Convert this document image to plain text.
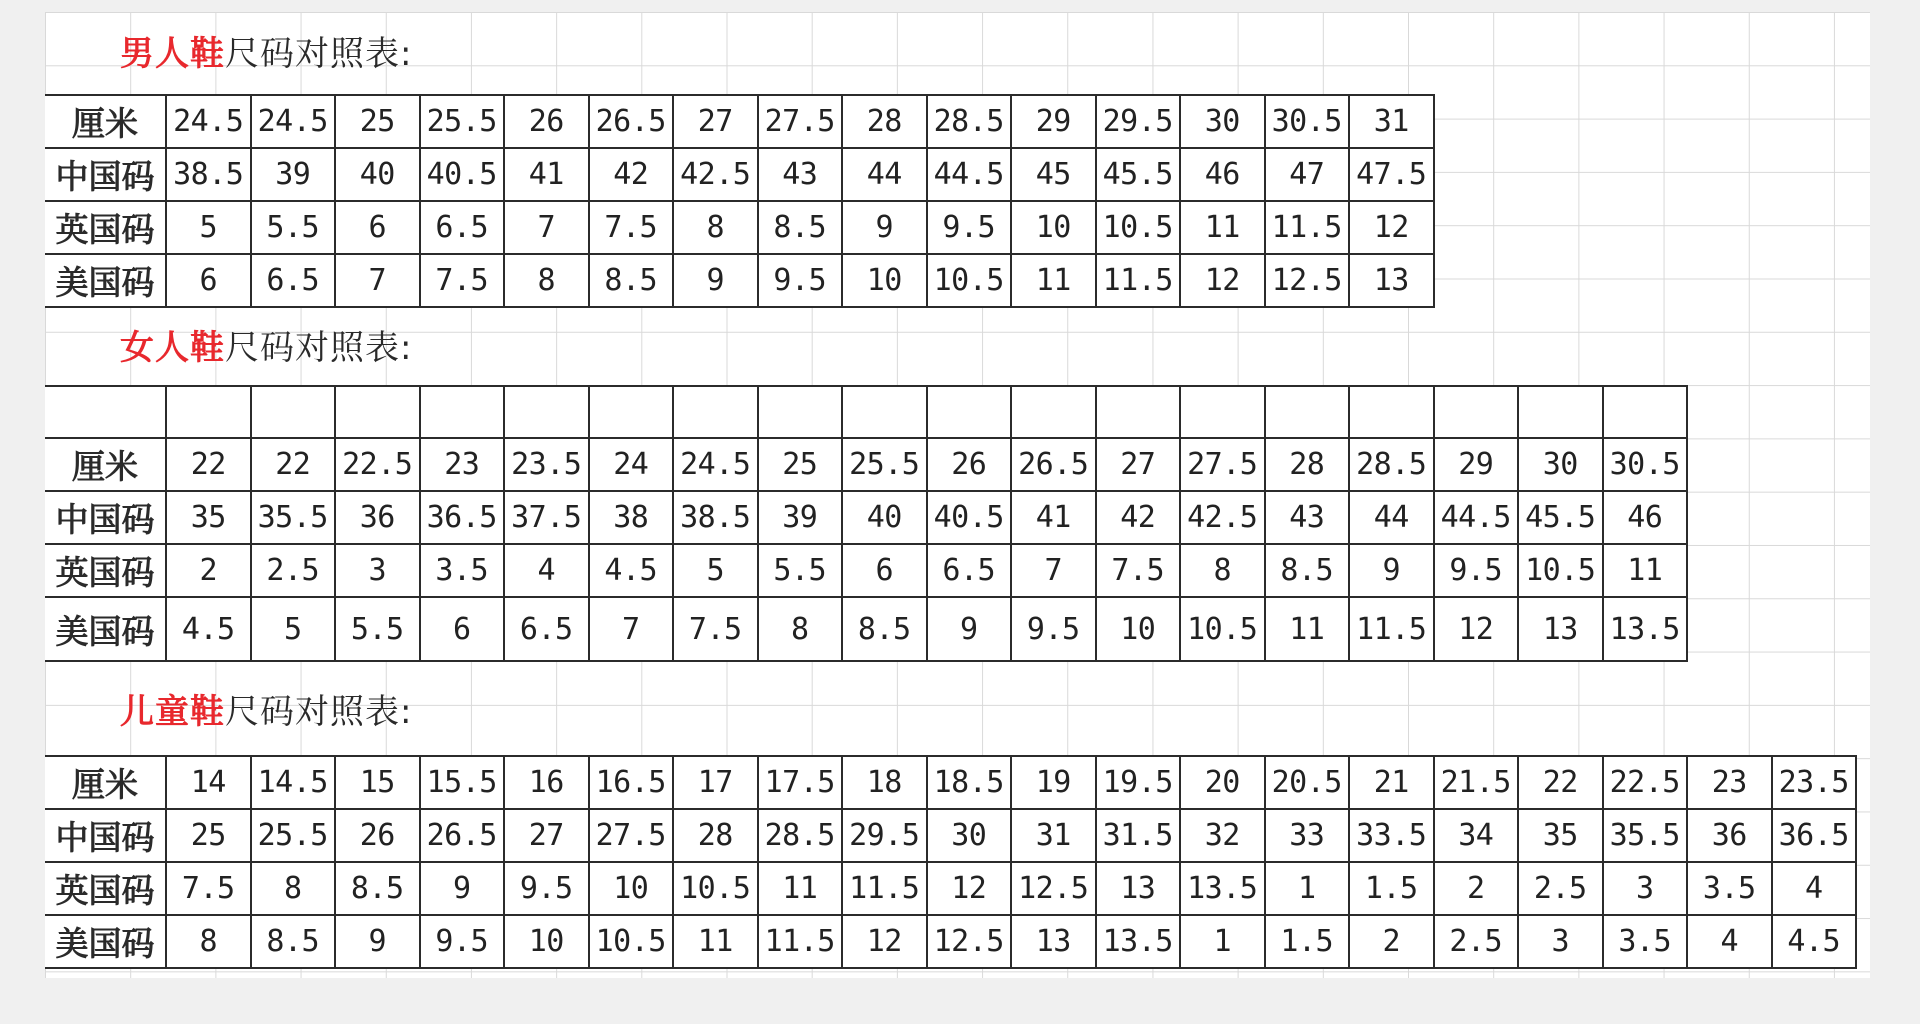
男人鞋尺码对照表:
厘米	24.5	24.5	25	25.5	26	26.5	27	27.5	28	28.5	29	29.5	30	30.5	31
中国码	38.5	39	40	40.5	41	42	42.5	43	44	44.5	45	45.5	46	47	47.5
英国码	5	5.5	6	6.5	7	7.5	8	8.5	9	9.5	10	10.5	11	11.5	12
美国码	6	6.5	7	7.5	8	8.5	9	9.5	10	10.5	11	11.5	12	12.5	13
女人鞋尺码对照表:

厘米	22	22	22.5	23	23.5	24	24.5	25	25.5	26	26.5	27	27.5	28	28.5	29	30	30.5
中国码	35	35.5	36	36.5	37.5	38	38.5	39	40	40.5	41	42	42.5	43	44	44.5	45.5	46
英国码	2	2.5	3	3.5	4	4.5	5	5.5	6	6.5	7	7.5	8	8.5	9	9.5	10.5	11
美国码	4.5	5	5.5	6	6.5	7	7.5	8	8.5	9	9.5	10	10.5	11	11.5	12	13	13.5
儿童鞋尺码对照表:
厘米	14	14.5	15	15.5	16	16.5	17	17.5	18	18.5	19	19.5	20	20.5	21	21.5	22	22.5	23	23.5
中国码	25	25.5	26	26.5	27	27.5	28	28.5	29.5	30	31	31.5	32	33	33.5	34	35	35.5	36	36.5
英国码	7.5	8	8.5	9	9.5	10	10.5	11	11.5	12	12.5	13	13.5	1	1.5	2	2.5	3	3.5	4
美国码	8	8.5	9	9.5	10	10.5	11	11.5	12	12.5	13	13.5	1	1.5	2	2.5	3	3.5	4	4.5
